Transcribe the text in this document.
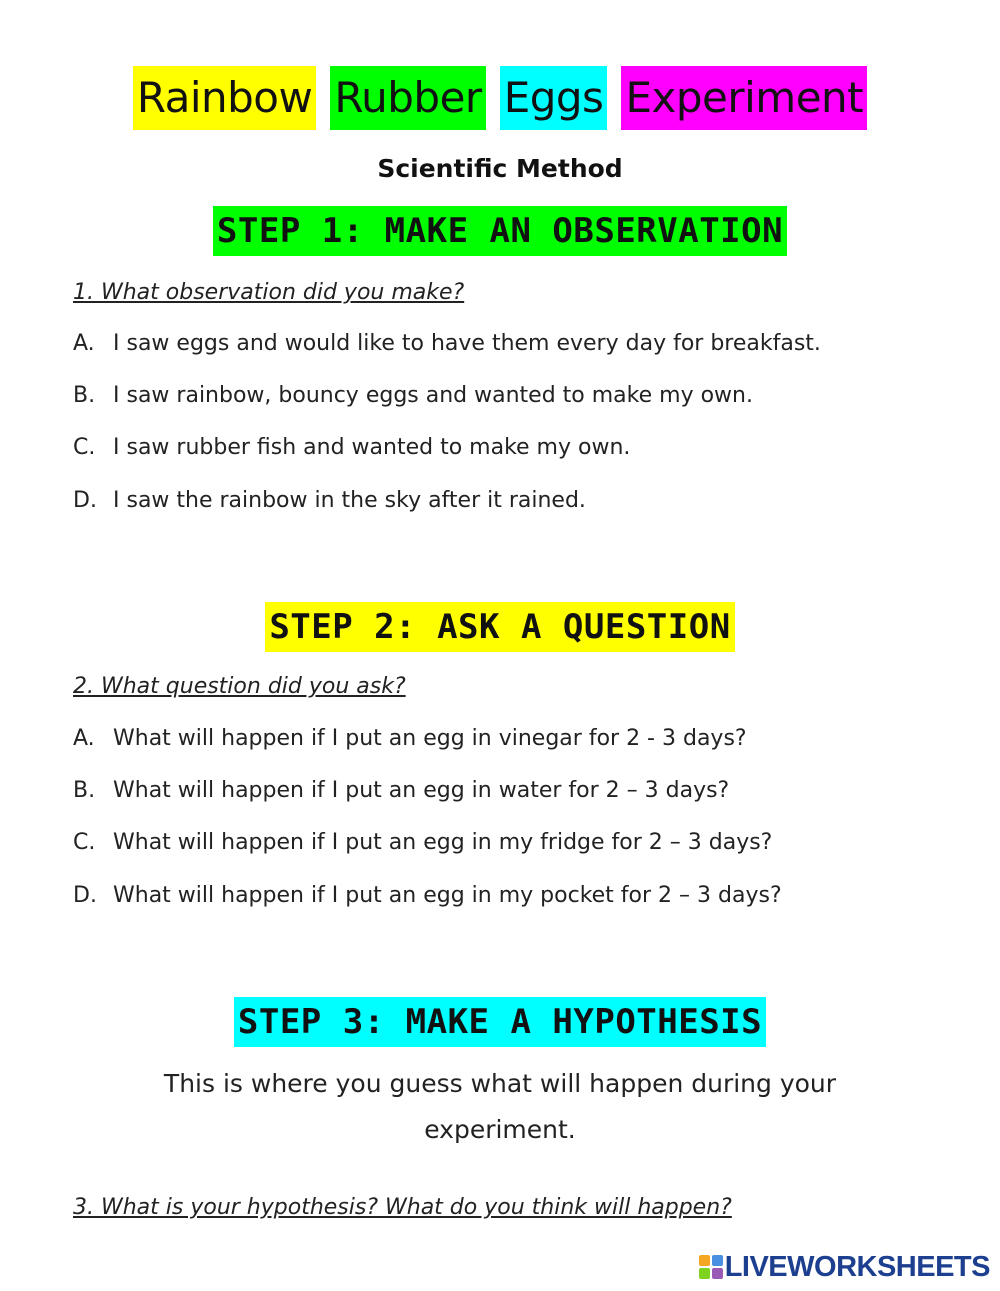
Rainbow Rubber Eggs Experiment
Scientific Method
STEP 1: MAKE AN OBSERVATION
1. What observation did you make?
A. I saw eggs and would like to have them every day for breakfast.
B. I saw rainbow, bouncy eggs and wanted to make my own.
C. I saw rubber fish and wanted to make my own.
D. I saw the rainbow in the sky after it rained.
STEP 2: ASK A QUESTION
2. What question did you ask?
A. What will happen if I put an egg in vinegar for 2 - 3 days?
B. What will happen if I put an egg in water for 2 – 3 days?
C. What will happen if I put an egg in my fridge for 2 – 3 days?
D. What will happen if I put an egg in my pocket for 2 – 3 days?
STEP 3: MAKE A HYPOTHESIS
This is where you guess what will happen during your
experiment.
3. What is your hypothesis? What do you think will happen?
LIVEWORKSHEETS
